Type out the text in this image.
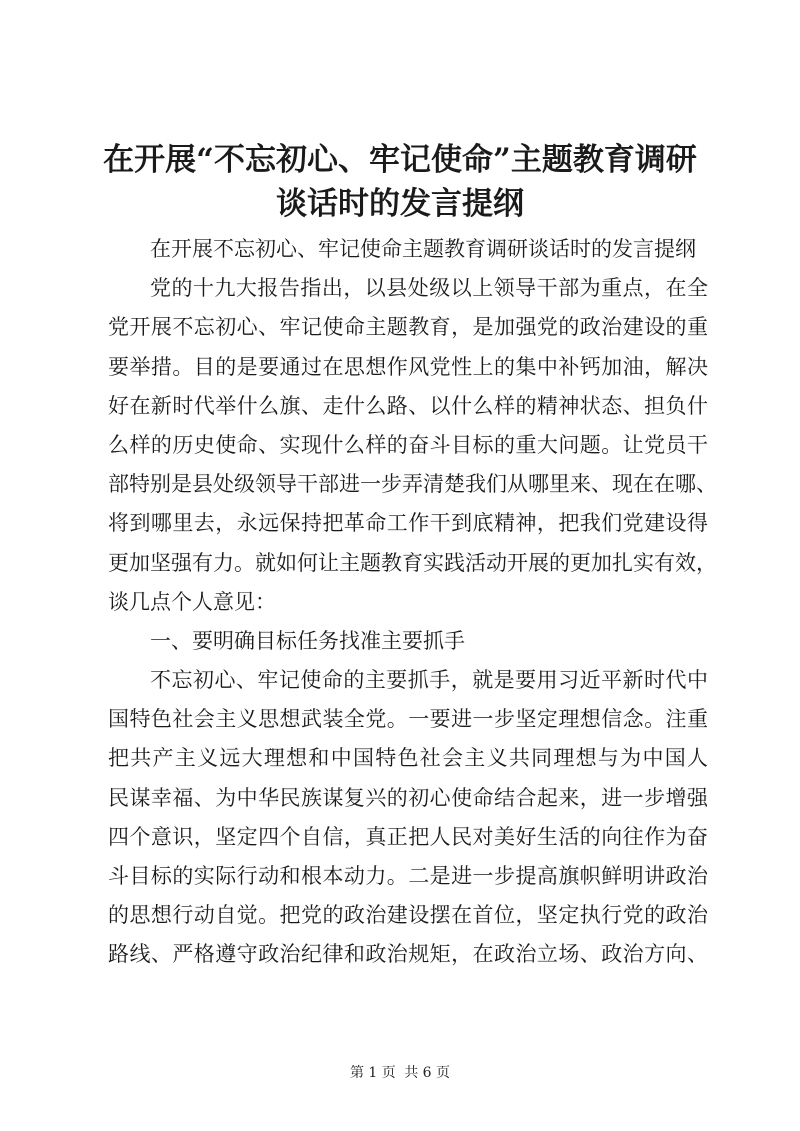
在开展“不忘初心、牢记使命”主题教育调研
谈话时的发言提纲
在开展不忘初心、牢记使命主题教育调研谈话时的发言提纲
党的十九大报告指出，以县处级以上领导干部为重点，在全
党开展不忘初心、牢记使命主题教育，是加强党的政治建设的重
要举措。目的是要通过在思想作风党性上的集中补钙加油，解决
好在新时代举什么旗、走什么路、以什么样的精神状态、担负什
么样的历史使命、实现什么样的奋斗目标的重大问题。让党员干
部特别是县处级领导干部进一步弄清楚我们从哪里来、现在在哪、
将到哪里去，永远保持把革命工作干到底精神，把我们党建设得
更加坚强有力。就如何让主题教育实践活动开展的更加扎实有效，
谈几点个人意见：
一、要明确目标任务找准主要抓手
不忘初心、牢记使命的主要抓手，就是要用习近平新时代中
国特色社会主义思想武装全党。一要进一步坚定理想信念。注重
把共产主义远大理想和中国特色社会主义共同理想与为中国人
民谋幸福、为中华民族谋复兴的初心使命结合起来，进一步增强
四个意识，坚定四个自信，真正把人民对美好生活的向往作为奋
斗目标的实际行动和根本动力。二是进一步提高旗帜鲜明讲政治
的思想行动自觉。把党的政治建设摆在首位，坚定执行党的政治
路线、严格遵守政治纪律和政治规矩，在政治立场、政治方向、
第 1 页 共 6 页
